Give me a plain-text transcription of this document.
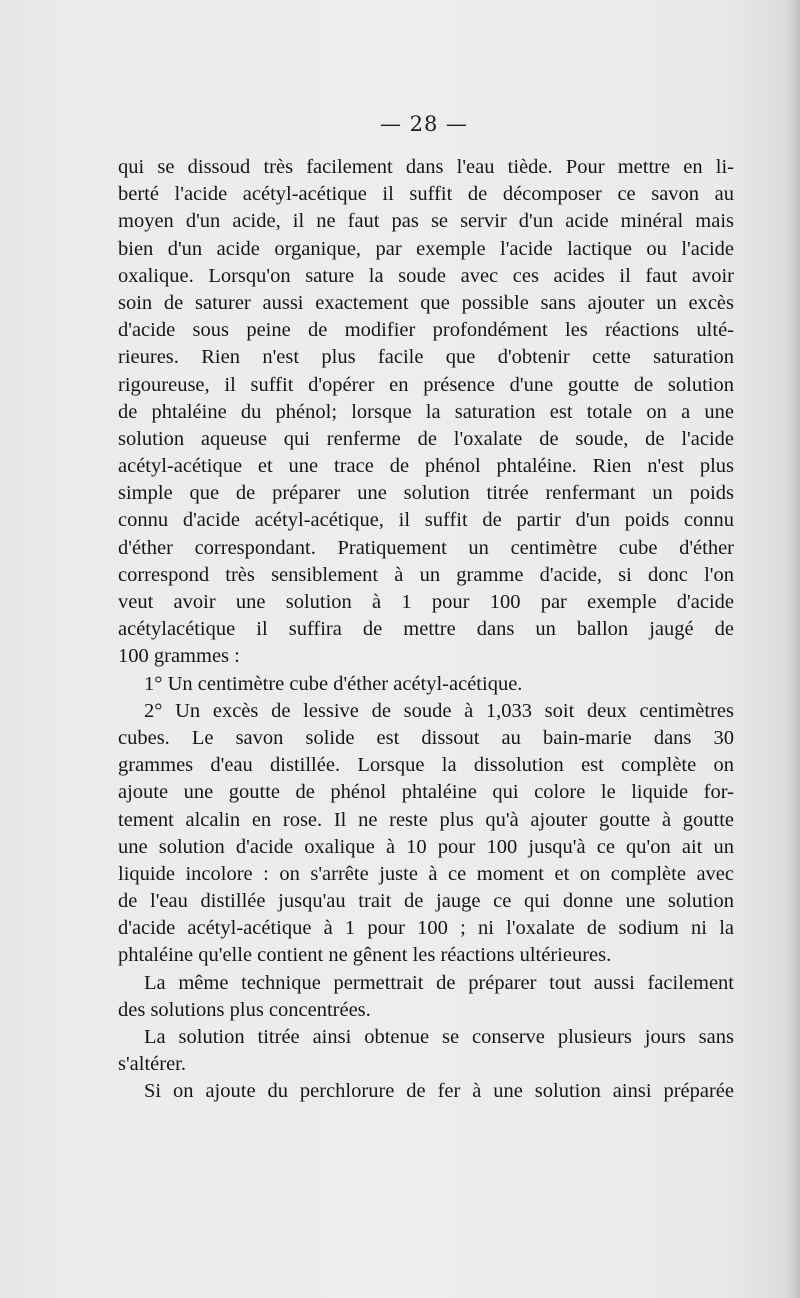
— 28 —
qui se dissoud très facilement dans l'eau tiède. Pour mettre en li-
berté l'acide acétyl-acétique il suffit de décomposer ce savon au
moyen d'un acide, il ne faut pas se servir d'un acide minéral mais
bien d'un acide organique, par exemple l'acide lactique ou l'acide
oxalique. Lorsqu'on sature la soude avec ces acides il faut avoir
soin de saturer aussi exactement que possible sans ajouter un excès
d'acide sous peine de modifier profondément les réactions ulté-
rieures. Rien n'est plus facile que d'obtenir cette saturation
rigoureuse, il suffit d'opérer en présence d'une goutte de solution
de phtaléine du phénol; lorsque la saturation est totale on a une
solution aqueuse qui renferme de l'oxalate de soude, de l'acide
acétyl-acétique et une trace de phénol phtaléine. Rien n'est plus
simple que de préparer une solution titrée renfermant un poids
connu d'acide acétyl-acétique, il suffit de partir d'un poids connu
d'éther correspondant. Pratiquement un centimètre cube d'éther
correspond très sensiblement à un gramme d'acide, si donc l'on
veut avoir une solution à 1 pour 100 par exemple d'acide
acétylacétique il suffira de mettre dans un ballon jaugé de
100 grammes :
1° Un centimètre cube d'éther acétyl-acétique.
2° Un excès de lessive de soude à 1,033 soit deux centimètres
cubes. Le savon solide est dissout au bain-marie dans 30
grammes d'eau distillée. Lorsque la dissolution est complète on
ajoute une goutte de phénol phtaléine qui colore le liquide for-
tement alcalin en rose. Il ne reste plus qu'à ajouter goutte à goutte
une solution d'acide oxalique à 10 pour 100 jusqu'à ce qu'on ait un
liquide incolore : on s'arrête juste à ce moment et on complète avec
de l'eau distillée jusqu'au trait de jauge ce qui donne une solution
d'acide acétyl-acétique à 1 pour 100 ; ni l'oxalate de sodium ni la
phtaléine qu'elle contient ne gênent les réactions ultérieures.
La même technique permettrait de préparer tout aussi facilement
des solutions plus concentrées.
La solution titrée ainsi obtenue se conserve plusieurs jours sans
s'altérer.
Si on ajoute du perchlorure de fer à une solution ainsi préparée
